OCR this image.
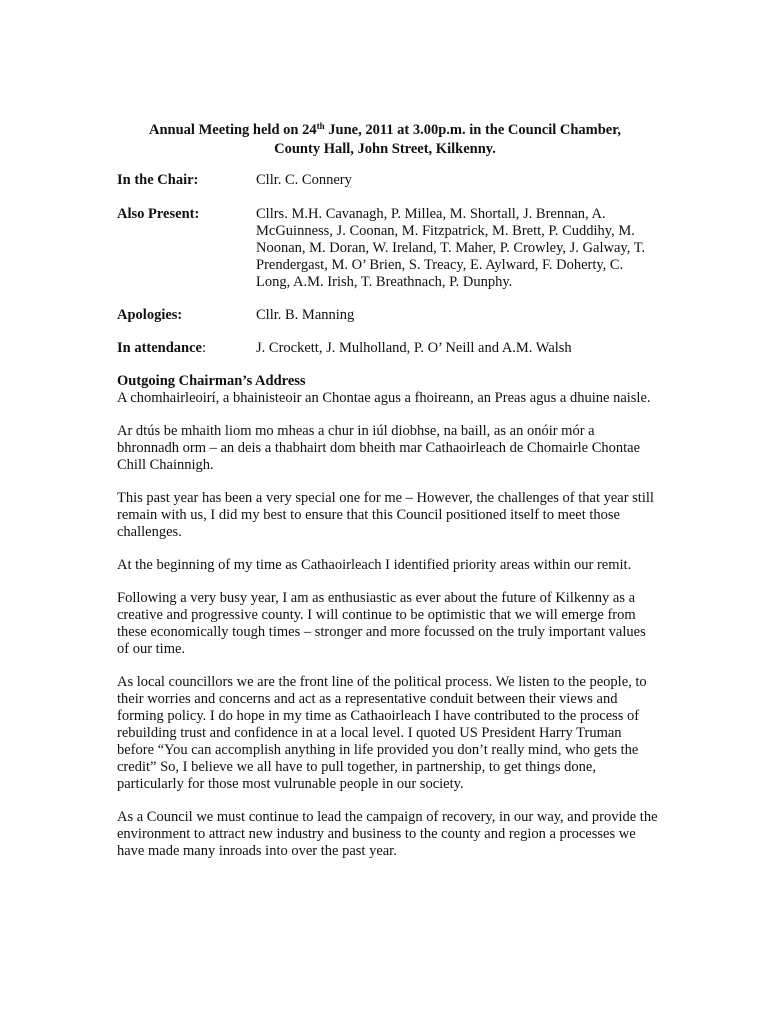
Annual Meeting held on 24th June, 2011 at 3.00p.m. in the Council Chamber,
County Hall, John Street, Kilkenny.
In the Chair:	Cllr. C. Connery
Also Present:	Cllrs. M.H. Cavanagh, P. Millea, M. Shortall, J. Brennan, A. McGuinness, J. Coonan, M. Fitzpatrick, M. Brett, P. Cuddihy, M. Noonan, M. Doran, W. Ireland, T. Maher, P. Crowley, J. Galway, T. Prendergast, M. O’ Brien, S. Treacy, E. Aylward, F. Doherty, C. Long, A.M. Irish, T. Breathnach, P. Dunphy.
Apologies:	Cllr. B. Manning
In attendance:	J. Crockett, J. Mulholland, P. O’ Neill and A.M. Walsh
Outgoing Chairman’s Address

A chomhairleoirí, a bhainisteoir an Chontae agus a fhoireann, an Preas agus a dhuine naisle.

Ar dtús be mhaith liom mo mheas a chur in iúl diobhse, na baill, as an onóir mór a bhronnadh orm – an deis a thabhairt dom bheith mar Cathaoirleach de Chomairle Chontae Chill Chainnigh.

This past year has been a very special one for me – However, the challenges of that year still remain with us, I did my best to ensure that this Council positioned itself to meet those challenges.

At the beginning of my time as Cathaoirleach I identified priority areas within our remit.

Following a very busy year, I am as enthusiastic as ever about the future of Kilkenny as a creative and progressive county. I will continue to be optimistic that we will emerge from these economically tough times – stronger and more focussed on the truly important values of our time.

As local councillors we are the front line of the political process. We listen to the people, to their worries and concerns and act as a representative conduit between their views and forming policy. I do hope in my time as Cathaoirleach I have contributed to the process of rebuilding trust and confidence in at a local level. I quoted US President Harry Truman before “You can accomplish anything in life provided you don’t really mind, who gets the credit” So, I believe we all have to pull together, in partnership, to get things done, particularly for those most vulrunable people in our society.

As a Council we must continue to lead the campaign of recovery, in our way, and provide the environment to attract new industry and business to the county and region a processes we have made many inroads into over the past year.
